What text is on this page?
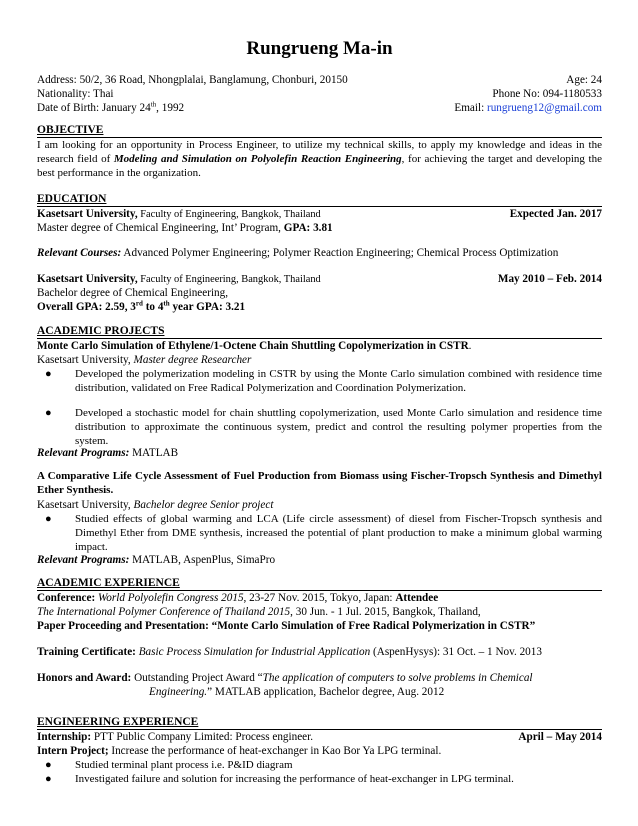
Rungrueng Ma-in
Address: 50/2, 36 Road, Nhongplalai, Banglamung, Chonburi, 20150	Age: 24
Nationality: Thai	Phone No: 094-1180533
Date of Birth: January 24th, 1992	Email: rungrueng12@gmail.com
OBJECTIVE
I am looking for an opportunity in Process Engineer, to utilize my technical skills, to apply my knowledge and ideas in the research field of Modeling and Simulation on Polyolefin Reaction Engineering, for achieving the target and developing the best performance in the organization.
EDUCATION
Kasetsart University, Faculty of Engineering, Bangkok, Thailand	Expected Jan. 2017
Master degree of Chemical Engineering, Int’ Program, GPA: 3.81
Relevant Courses: Advanced Polymer Engineering; Polymer Reaction Engineering; Chemical Process Optimization
Kasetsart University, Faculty of Engineering, Bangkok, Thailand	May 2010 – Feb. 2014
Bachelor degree of Chemical Engineering,
Overall GPA: 2.59, 3rd to 4th year GPA: 3.21
ACADEMIC PROJECTS
Monte Carlo Simulation of Ethylene/1-Octene Chain Shuttling Copolymerization in CSTR.
Kasetsart University, Master degree Researcher
●	Developed the polymerization modeling in CSTR by using the Monte Carlo simulation combined with residence time distribution, validated on Free Radical Polymerization and Coordination Polymerization.
●	Developed a stochastic model for chain shuttling copolymerization, used Monte Carlo simulation and residence time distribution to approximate the continuous system, predict and control the resulting polymer properties from the system.
Relevant Programs: MATLAB
A Comparative Life Cycle Assessment of Fuel Production from Biomass using Fischer-Tropsch Synthesis and Dimethyl Ether Synthesis.
Kasetsart University, Bachelor degree Senior project
●	Studied effects of global warming and LCA (Life circle assessment) of diesel from Fischer-Tropsch synthesis and Dimethyl Ether from DME synthesis, increased the potential of plant production to make a minimum global warming impact.
Relevant Programs: MATLAB, AspenPlus, SimaPro
ACADEMIC EXPERIENCE
Conference: World Polyolefin Congress 2015, 23-27 Nov. 2015, Tokyo, Japan: Attendee
The International Polymer Conference of Thailand 2015, 30 Jun. - 1 Jul. 2015, Bangkok, Thailand,
Paper Proceeding and Presentation: “Monte Carlo Simulation of Free Radical Polymerization in CSTR”
Training Certificate: Basic Process Simulation for Industrial Application (AspenHysys): 31 Oct. – 1 Nov. 2013
Honors and Award: Outstanding Project Award “The application of computers to solve problems in Chemical
Engineering.” MATLAB application, Bachelor degree, Aug. 2012
ENGINEERING EXPERIENCE
Internship: PTT Public Company Limited: Process engineer.	April – May 2014
Intern Project; Increase the performance of heat-exchanger in Kao Bor Ya LPG terminal.
●	Studied terminal plant process i.e. P&ID diagram
●	Investigated failure and solution for increasing the performance of heat-exchanger in LPG terminal.
